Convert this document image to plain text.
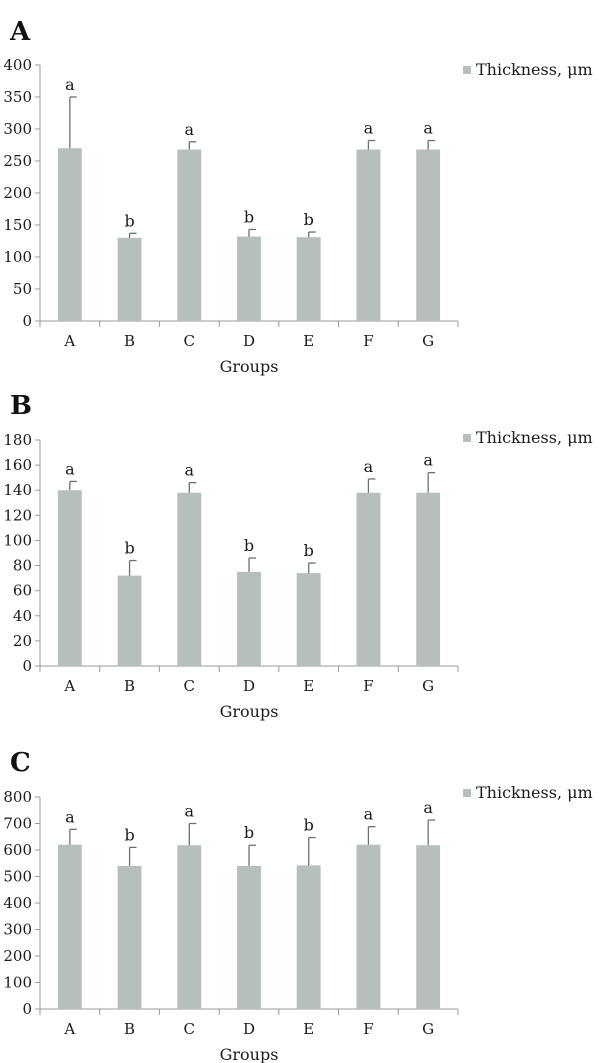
A
0
50
100
150
200
250
300
350
400
a
A
b
B
a
C
b
D
b
E
a
F
a
G
Groups
Thickness, μm
B
0
20
40
60
80
100
120
140
160
180
a
A
b
B
a
C
b
D
b
E
a
F
a
G
Groups
Thickness, μm
C
0
100
200
300
400
500
600
700
800
a
A
b
B
a
C
b
D
b
E
a
F
a
G
Groups
Thickness, μm
